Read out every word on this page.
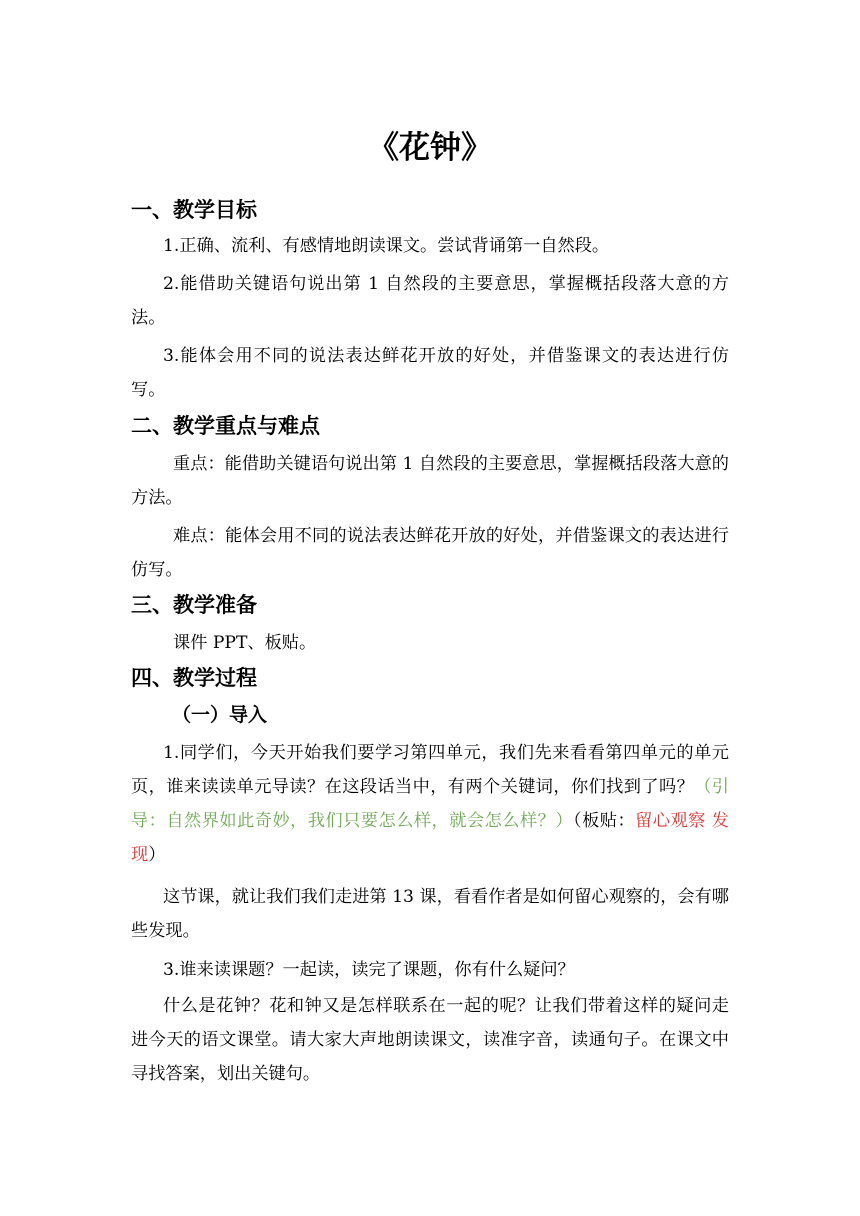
《花钟》
一、教学目标
1.正确、流利、有感情地朗读课文。尝试背诵第一自然段。
2.能借助关键语句说出第 1 自然段的主要意思，掌握概括段落大意的方法。
3.能体会用不同的说法表达鲜花开放的好处，并借鉴课文的表达进行仿写。
二、教学重点与难点
重点：能借助关键语句说出第 1 自然段的主要意思，掌握概括段落大意的方法。
难点：能体会用不同的说法表达鲜花开放的好处，并借鉴课文的表达进行仿写。
三、教学准备
课件 PPT、板贴。
四、教学过程
（一）导入
1.同学们，今天开始我们要学习第四单元，我们先来看看第四单元的单元页，谁来读读单元导读？在这段话当中，有两个关键词，你们找到了吗？（引导：自然界如此奇妙，我们只要怎么样，就会怎么样？）（板贴：留心观察 发现）
这节课，就让我们我们走进第 13 课，看看作者是如何留心观察的，会有哪些发现。
3.谁来读课题？一起读，读完了课题，你有什么疑问？
什么是花钟？花和钟又是怎样联系在一起的呢？让我们带着这样的疑问走进今天的语文课堂。请大家大声地朗读课文，读准字音，读通句子。在课文中寻找答案，划出关键句。
